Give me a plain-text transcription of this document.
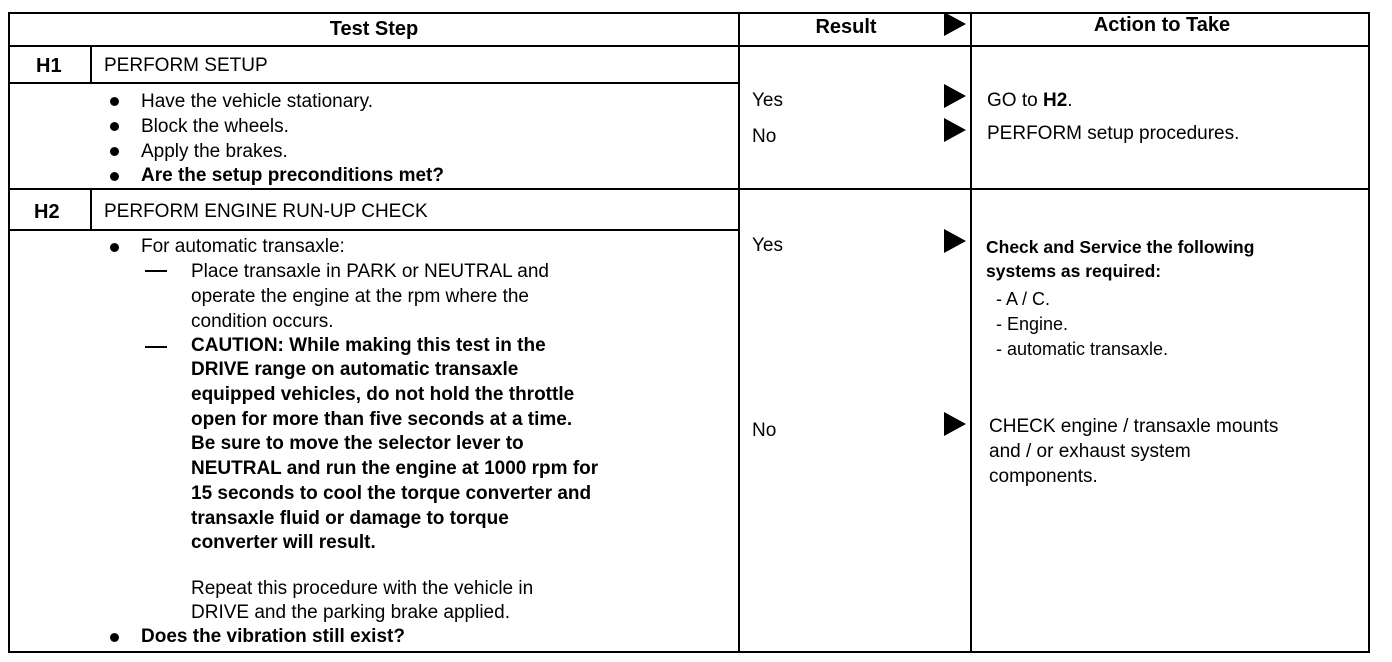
Test Step	Result	Action to Take
H1 PERFORM SETUP
Have the vehicle stationary.
Block the wheels.
Apply the brakes.
Are the setup preconditions met?
Yes	GO to H2.
No	PERFORM setup procedures.
H2 PERFORM ENGINE RUN-UP CHECK
For automatic transaxle:
Place transaxle in PARK or NEUTRAL and
operate the engine at the rpm where the
condition occurs.
CAUTION: While making this test in the
DRIVE range on automatic transaxle
equipped vehicles, do not hold the throttle
open for more than five seconds at a time.
Be sure to move the selector lever to
NEUTRAL and run the engine at 1000 rpm for
15 seconds to cool the torque converter and
transaxle fluid or damage to torque
converter will result.
Repeat this procedure with the vehicle in
DRIVE and the parking brake applied.
Does the vibration still exist?
Yes	Check and Service the following
systems as required:
- A / C.
- Engine.
- automatic transaxle.
No	CHECK engine / transaxle mounts
and / or exhaust system
components.
